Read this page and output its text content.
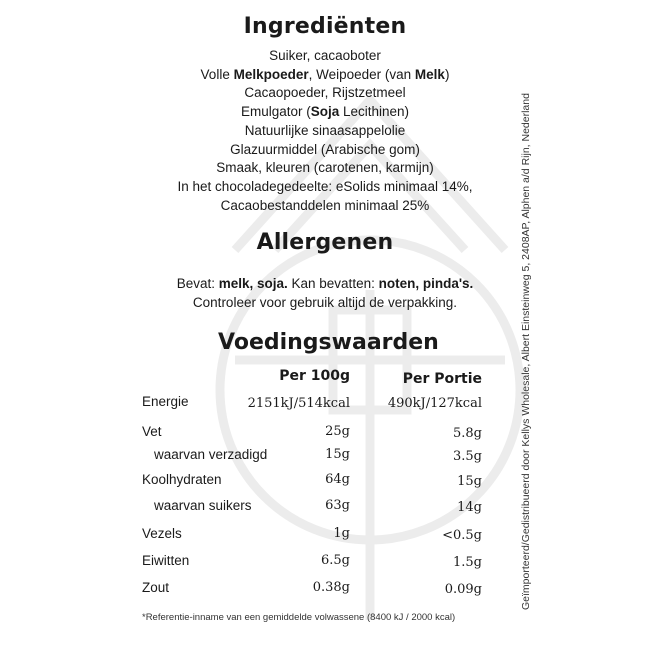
Ingrediënten
Suiker, cacaoboter
Volle Melkpoeder, Weipoeder (van Melk)
Cacaopoeder, Rijstzetmeel
Emulgator (Soja Lecithinen)
Natuurlijke sinaasappelolie
Glazuurmiddel (Arabische gom)
Smaak, kleuren (carotenen, karmijn)
In het chocoladegedeelte: eSolids minimaal 14%,
Cacaobestanddelen minimaal 25%
Allergenen
Bevat: melk, soja. Kan bevatten: noten, pinda's.
Controleer voor gebruik altijd de verpakking.
Voedingswaarden
Per 100g	Per Portie
Energie	2151kJ/514kcal	490kJ/127kcal
Vet	25g	5.8g
waarvan verzadigd	15g	3.5g
Koolhydraten	64g	15g
waarvan suikers	63g	14g
Vezels	1g	<0.5g
Eiwitten	6.5g	1.5g
Zout	0.38g	0.09g
*Referentie-inname van een gemiddelde volwassene (8400 kJ / 2000 kcal)
Geïmporteerd/Gedistribueerd door Kellys Wholesale, Albert Einsteinweg 5, 2408AP, Alphen a/d Rijn, Nederland
